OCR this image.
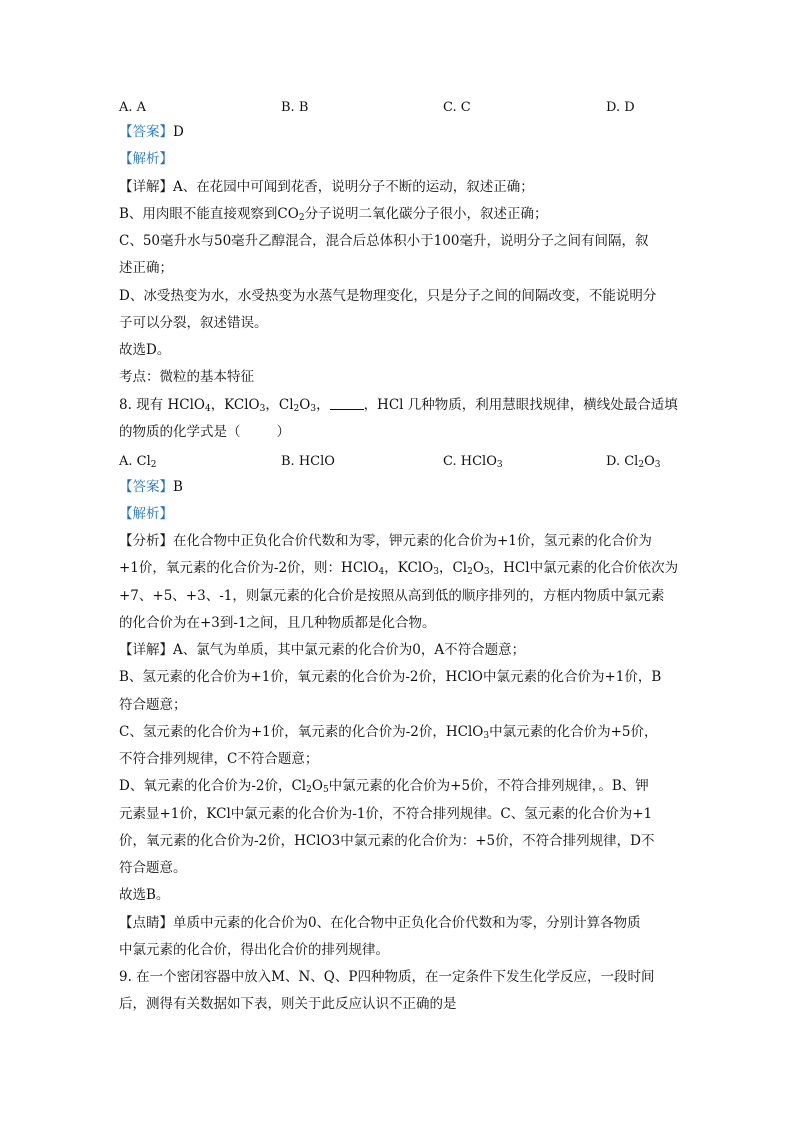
A. A	B. B	C. C	D. D
【答案】D
【解析】
【详解】A、在花园中可闻到花香，说明分子不断的运动，叙述正确；
B、用肉眼不能直接观察到$CO_2$分子说明二氧化碳分子很小，叙述正确；
C、50毫升水与50毫升乙醇混合，混合后总体积小于100毫升，说明分子之间有间隔，叙
述正确；
D、冰受热变为水，水受热变为水蒸气是物理变化，只是分子之间的间隔改变，不能说明分
子可以分裂，叙述错误。
故选D。
考点：微粒的基本特征
8. 现有 HClO$_4$，KClO$_3$，$Cl_2O_3$，	，HCl 几种物质，利用慧眼找规律，横线处最合适填
的物质的化学式是（	）
A. $Cl_2$	B. HClO	C. HClO$_3$	D. $Cl_2O_3$
【答案】B
【解析】
【分析】在化合物中正负化合价代数和为零，钾元素的化合价为+1价，氢元素的化合价为
+1价，氧元素的化合价为-2价，则：HClO$_4$，KClO$_3$，$Cl_2O_3$，HCl中氯元素的化合价依次为
+7、+5、+3、-1，则氯元素的化合价是按照从高到低的顺序排列的，方框内物质中氯元素
的化合价为在+3到-1之间，且几种物质都是化合物。
【详解】A、氯气为单质，其中氯元素的化合价为0，A不符合题意；
B、氢元素的化合价为+1价，氧元素的化合价为-2价，HClO中氯元素的化合价为+1价，B
符合题意；
C、氢元素的化合价为+1价，氧元素的化合价为-2价，HClO$_3$中氯元素的化合价为+5价，
不符合排列规律，C不符合题意；
D、氧元素的化合价为-2价，$Cl_2O_5$中氯元素的化合价为+5价，不符合排列规律，。B、钾
元素显+1价，KCl中氯元素的化合价为-1价，不符合排列规律。C、氢元素的化合价为+1
价，氧元素的化合价为-2价，HClO3中氯元素的化合价为：+5价，不符合排列规律，D不
符合题意。
故选B。
【点睛】单质中元素的化合价为0、在化合物中正负化合价代数和为零，分别计算各物质
中氯元素的化合价，得出化合价的排列规律。
9. 在一个密闭容器中放入M、N、Q、P四种物质，在一定条件下发生化学反应，一段时间
后，测得有关数据如下表，则关于此反应认识不正确的是
